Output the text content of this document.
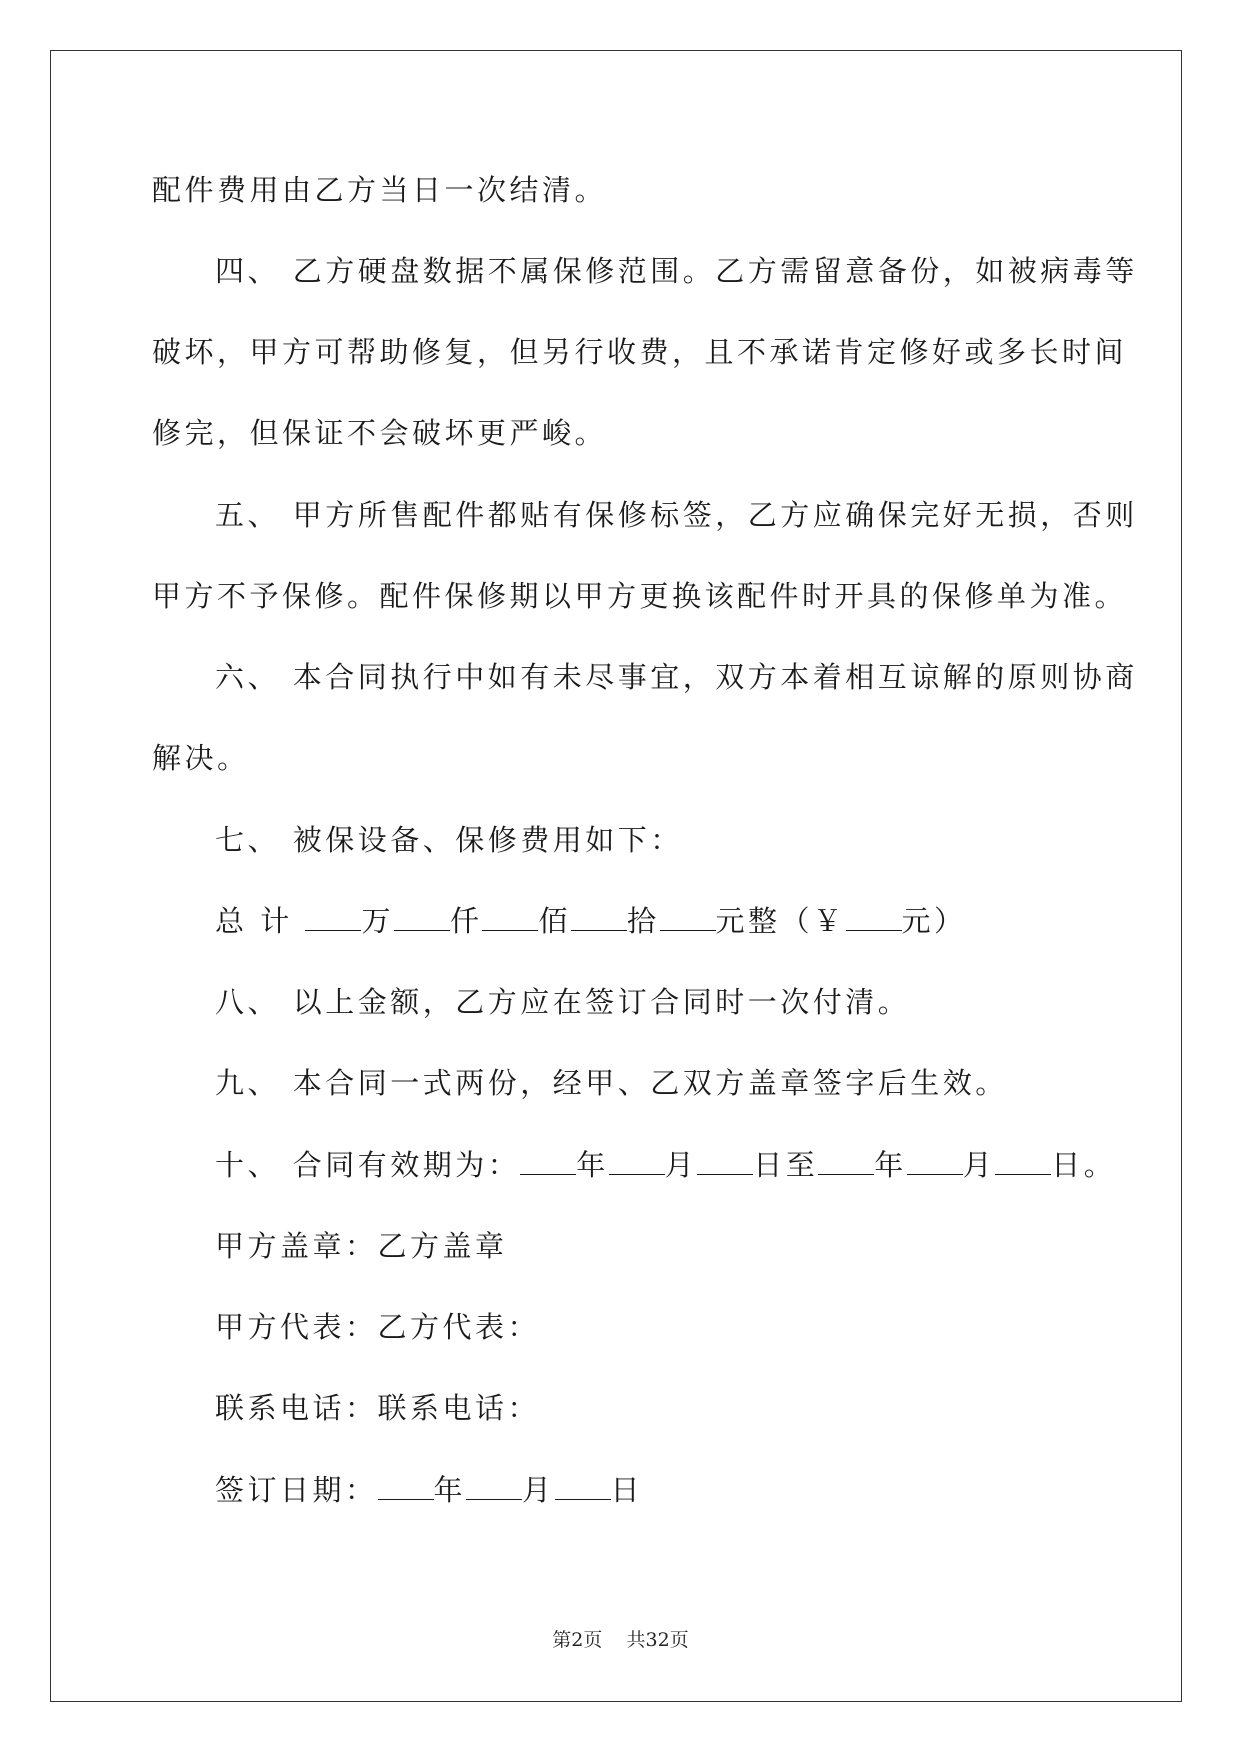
配件费用由乙方当日一次结清。
四、 乙方硬盘数据不属保修范围。乙方需留意备份，如被病毒等
破坏，甲方可帮助修复，但另行收费，且不承诺肯定修好或多长时间
修完，但保证不会破坏更严峻。
五、 甲方所售配件都贴有保修标签，乙方应确保完好无损，否则
甲方不予保修。配件保修期以甲方更换该配件时开具的保修单为准。
六、 本合同执行中如有未尽事宜，双方本着相互谅解的原则协商
解决。
七、 被保设备、保修费用如下：
总 计 万 仟 佰 拾 元整（￥ 元）
八、 以上金额，乙方应在签订合同时一次付清。
九、 本合同一式两份，经甲、乙双方盖章签字后生效。
十、 合同有效期为： 年 月 日至 年 月 日。
甲方盖章：乙方盖章
甲方代表：乙方代表：
联系电话：联系电话：
签订日期： 年 月 日
第2页 共32页
